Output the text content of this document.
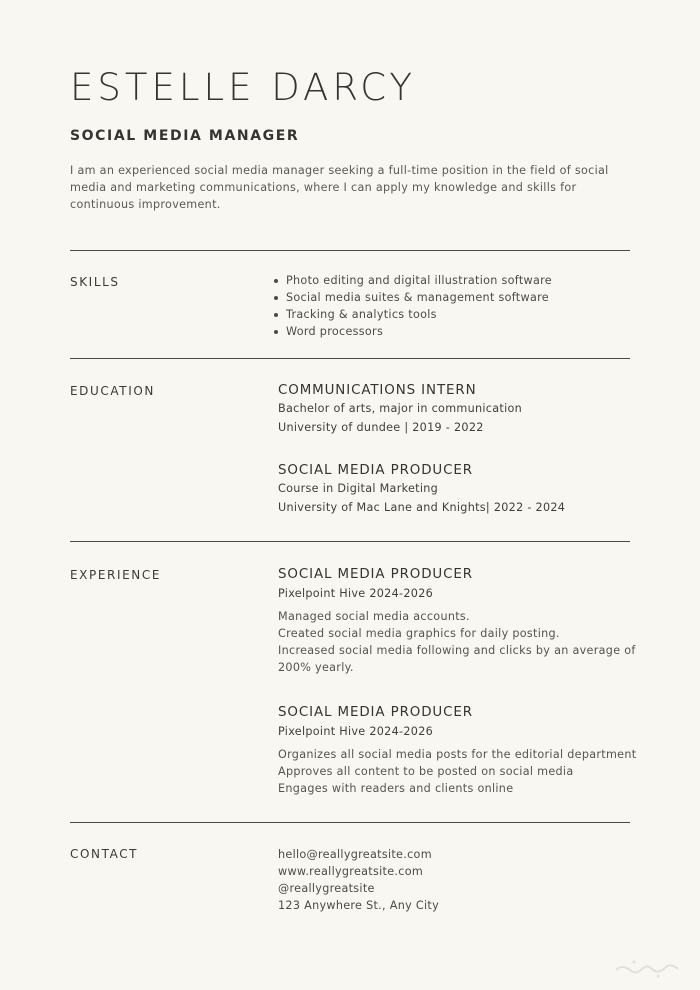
ESTELLE DARCY
SOCIAL MEDIA MANAGER

I am an experienced social media manager seeking a full-time position in the field of social media and marketing communications, where I can apply my knowledge and skills for continuous improvement.

SKILLS	Photo editing and digital illustration software
Social media suites & management software
Tracking & analytics tools
Word processors

EDUCATION	COMMUNICATIONS INTERN

Bachelor of arts, major in communication

University of dundee | 2019 - 2022

SOCIAL MEDIA PRODUCER

Course in Digital Marketing

University of Mac Lane and Knights| 2022 - 2024

EXPERIENCE	SOCIAL MEDIA PRODUCER

Pixelpoint Hive 2024-2026

Managed social media accounts.

Created social media graphics for daily posting.

Increased social media following and clicks by an average of

200% yearly.

SOCIAL MEDIA PRODUCER

Pixelpoint Hive 2024-2026

Organizes all social media posts for the editorial department

Approves all content to be posted on social media

Engages with readers and clients online

CONTACT	hello@reallygreatsite.com

www.reallygreatsite.com

@reallygreatsite

123 Anywhere St., Any City
